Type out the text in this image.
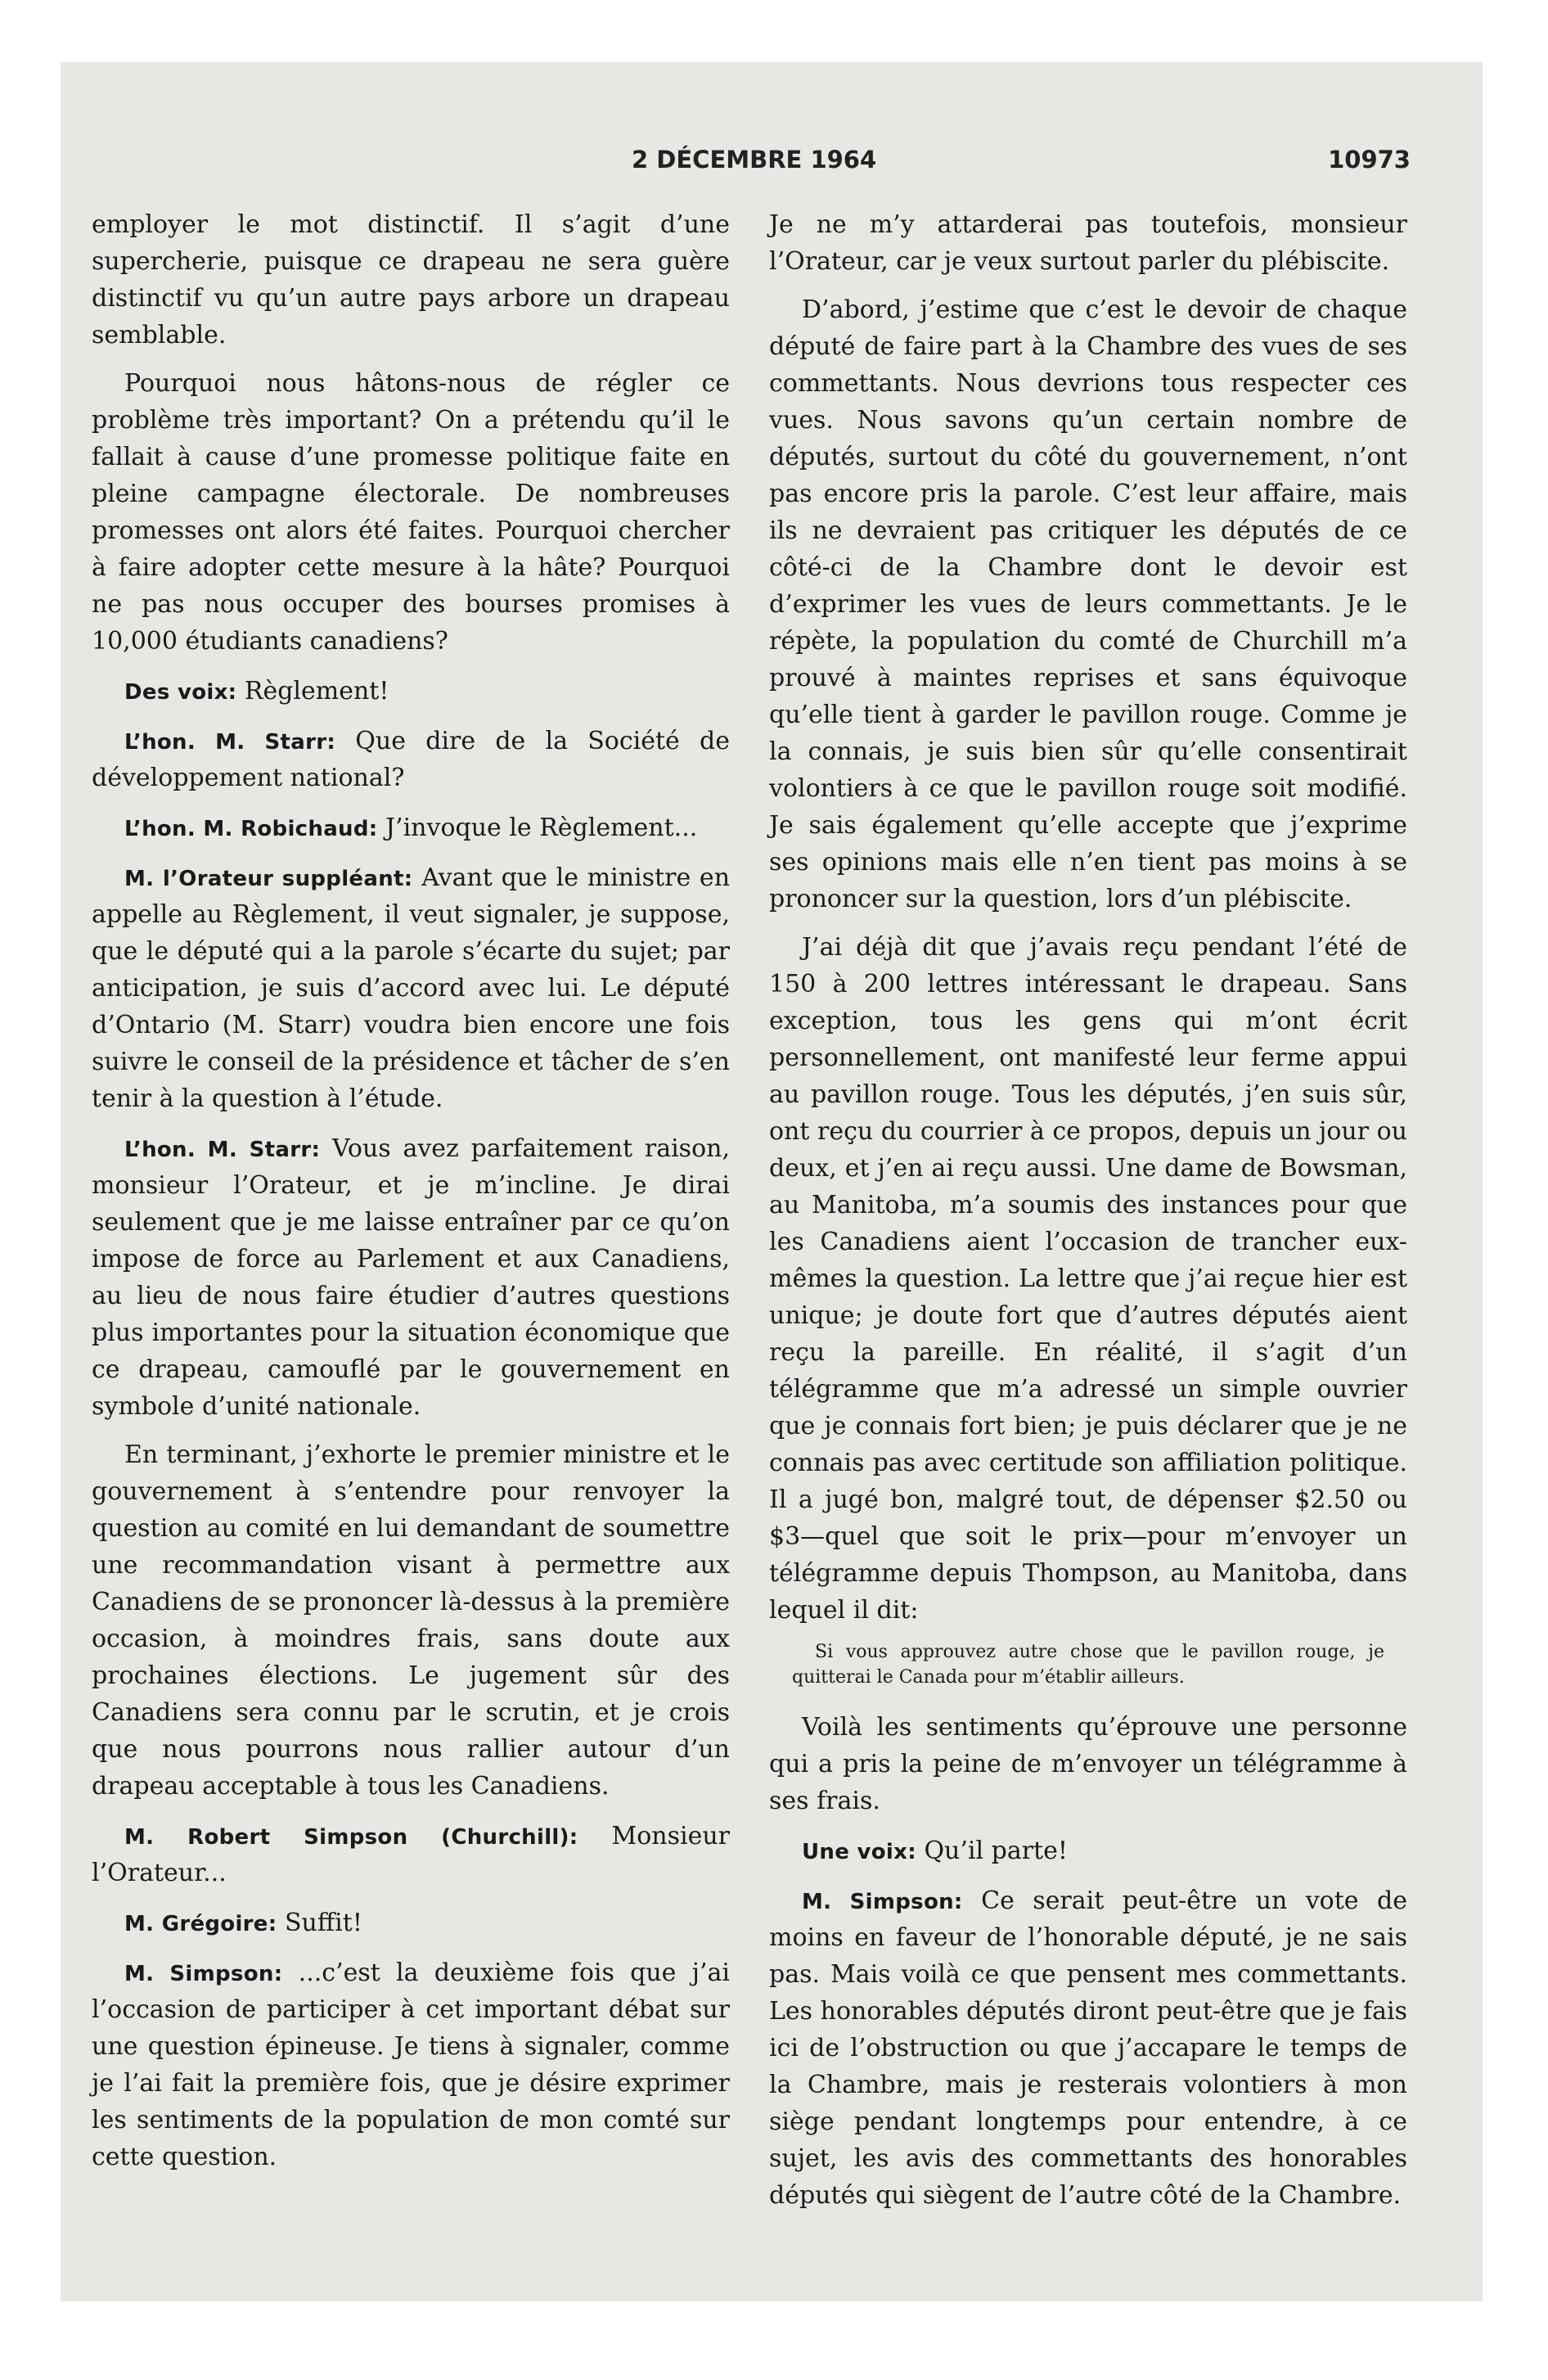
2 DÉCEMBRE 1964	10973

employer le mot distinctif. Il s’agit d’une supercherie, puisque ce drapeau ne sera guère distinctif vu qu’un autre pays arbore un drapeau semblable.

Pourquoi nous hâtons-nous de régler ce problème très important? On a prétendu qu’il le fallait à cause d’une promesse politique faite en pleine campagne électorale. De nombreuses promesses ont alors été faites. Pourquoi chercher à faire adopter cette mesure à la hâte? Pourquoi ne pas nous occuper des bourses promises à 10,000 étudiants canadiens?

Des voix: Règlement!

L’hon. M. Starr: Que dire de la Société de développement national?

L’hon. M. Robichaud: J’invoque le Règlement...

M. l’Orateur suppléant: Avant que le ministre en appelle au Règlement, il veut signaler, je suppose, que le député qui a la parole s’écarte du sujet; par anticipation, je suis d’accord avec lui. Le député d’Ontario (M. Starr) voudra bien encore une fois suivre le conseil de la présidence et tâcher de s’en tenir à la question à l’étude.

L’hon. M. Starr: Vous avez parfaitement raison, monsieur l’Orateur, et je m’incline. Je dirai seulement que je me laisse entraîner par ce qu’on impose de force au Parlement et aux Canadiens, au lieu de nous faire étudier d’autres questions plus importantes pour la situation économique que ce drapeau, camouflé par le gouvernement en symbole d’unité nationale.

En terminant, j’exhorte le premier ministre et le gouvernement à s’entendre pour renvoyer la question au comité en lui demandant de soumettre une recommandation visant à permettre aux Canadiens de se prononcer là-dessus à la première occasion, à moindres frais, sans doute aux prochaines élections. Le jugement sûr des Canadiens sera connu par le scrutin, et je crois que nous pourrons nous rallier autour d’un drapeau acceptable à tous les Canadiens.

M. Robert Simpson (Churchill): Monsieur l’Orateur...

M. Grégoire: Suffit!

M. Simpson: ...c’est la deuxième fois que j’ai l’occasion de participer à cet important débat sur une question épineuse. Je tiens à signaler, comme je l’ai fait la première fois, que je désire exprimer les sentiments de la population de mon comté sur cette question.

Je ne m’y attarderai pas toutefois, monsieur l’Orateur, car je veux surtout parler du plébiscite.

D’abord, j’estime que c’est le devoir de chaque député de faire part à la Chambre des vues de ses commettants. Nous devrions tous respecter ces vues. Nous savons qu’un certain nombre de députés, surtout du côté du gouvernement, n’ont pas encore pris la parole. C’est leur affaire, mais ils ne devraient pas critiquer les députés de ce côté-ci de la Chambre dont le devoir est d’exprimer les vues de leurs commettants. Je le répète, la population du comté de Churchill m’a prouvé à maintes reprises et sans équivoque qu’elle tient à garder le pavillon rouge. Comme je la connais, je suis bien sûr qu’elle consentirait volontiers à ce que le pavillon rouge soit modifié. Je sais également qu’elle accepte que j’exprime ses opinions mais elle n’en tient pas moins à se prononcer sur la question, lors d’un plébiscite.

J’ai déjà dit que j’avais reçu pendant l’été de 150 à 200 lettres intéressant le drapeau. Sans exception, tous les gens qui m’ont écrit personnellement, ont manifesté leur ferme appui au pavillon rouge. Tous les députés, j’en suis sûr, ont reçu du courrier à ce propos, depuis un jour ou deux, et j’en ai reçu aussi. Une dame de Bowsman, au Manitoba, m’a soumis des instances pour que les Canadiens aient l’occasion de trancher eux-mêmes la question. La lettre que j’ai reçue hier est unique; je doute fort que d’autres députés aient reçu la pareille. En réalité, il s’agit d’un télégramme que m’a adressé un simple ouvrier que je connais fort bien; je puis déclarer que je ne connais pas avec certitude son affiliation politique. Il a jugé bon, malgré tout, de dépenser $2.50 ou $3—quel que soit le prix—pour m’envoyer un télégramme depuis Thompson, au Manitoba, dans lequel il dit:

Si vous approuvez autre chose que le pavillon rouge, je quitterai le Canada pour m’établir ailleurs.

Voilà les sentiments qu’éprouve une personne qui a pris la peine de m’envoyer un télégramme à ses frais.

Une voix: Qu’il parte!

M. Simpson: Ce serait peut-être un vote de moins en faveur de l’honorable député, je ne sais pas. Mais voilà ce que pensent mes commettants. Les honorables députés diront peut-être que je fais ici de l’obstruction ou que j’accapare le temps de la Chambre, mais je resterais volontiers à mon siège pendant longtemps pour entendre, à ce sujet, les avis des commettants des honorables députés qui siègent de l’autre côté de la Chambre.
